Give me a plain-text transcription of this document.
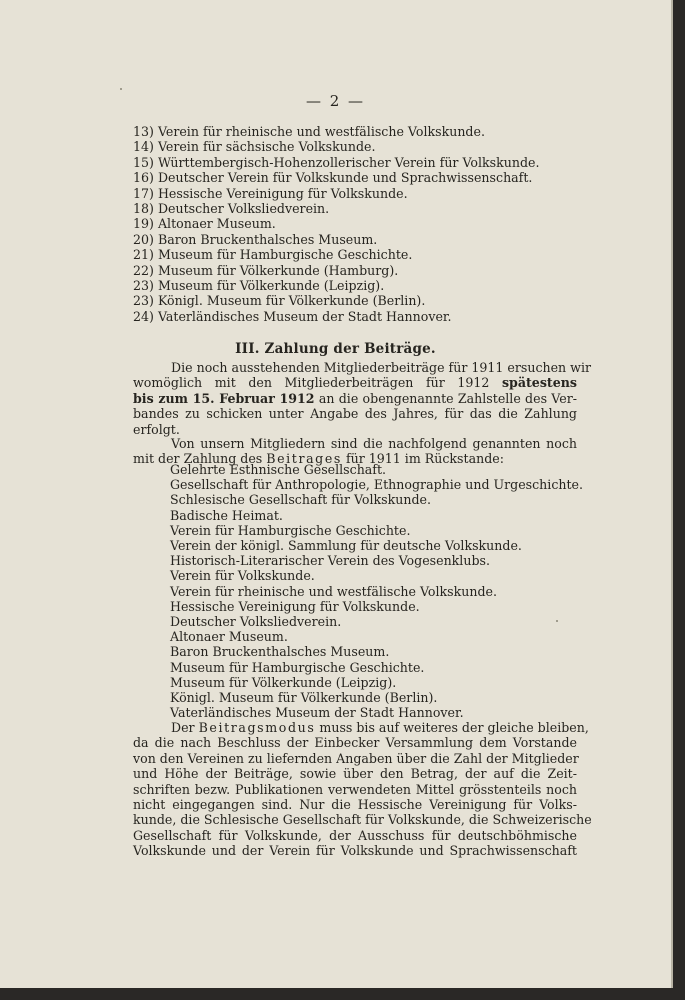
— 2 —
13) Verein für rheinische und westfälische Volkskunde.
14) Verein für sächsische Volkskunde.
15) Württembergisch-Hohenzollerischer Verein für Volkskunde.
16) Deutscher Verein für Volkskunde und Sprachwissenschaft.
17) Hessische Vereinigung für Volkskunde.
18) Deutscher Volksliedverein.
19) Altonaer Museum.
20) Baron Bruckenthalsches Museum.
21) Museum für Hamburgische Geschichte.
22) Museum für Völkerkunde (Hamburg).
23) Museum für Völkerkunde (Leipzig).
23) Königl. Museum für Völkerkunde (Berlin).
24) Vaterländisches Museum der Stadt Hannover.
III. Zahlung der Beiträge.
Die noch ausstehenden Mitgliederbeiträge für 1911 ersuchen wir
womöglich mit den Mitgliederbeiträgen für 1912 spätestens
bis zum 15. Februar 1912 an die obengenannte Zahlstelle des Ver-
bandes zu schicken unter Angabe des Jahres, für das die Zahlung
erfolgt.
Von unsern Mitgliedern sind die nachfolgend genannten noch
mit der Zahlung des Beitrages für 1911 im Rückstande:
Gelehrte Esthnische Gesellschaft.
Gesellschaft für Anthropologie, Ethnographie und Urgeschichte.
Schlesische Gesellschaft für Volkskunde.
Badische Heimat.
Verein für Hamburgische Geschichte.
Verein der königl. Sammlung für deutsche Volkskunde.
Historisch-Literarischer Verein des Vogesenklubs.
Verein für Volkskunde.
Verein für rheinische und westfälische Volkskunde.
Hessische Vereinigung für Volkskunde.
Deutscher Volksliedverein.
Altonaer Museum.
Baron Bruckenthalsches Museum.
Museum für Hamburgische Geschichte.
Museum für Völkerkunde (Leipzig).
Königl. Museum für Völkerkunde (Berlin).
Vaterländisches Museum der Stadt Hannover.
Der Beitragsmodus muss bis auf weiteres der gleiche bleiben,
da die nach Beschluss der Einbecker Versammlung dem Vorstande
von den Vereinen zu liefernden Angaben über die Zahl der Mitglieder
und Höhe der Beiträge, sowie über den Betrag, der auf die Zeit-
schriften bezw. Publikationen verwendeten Mittel grösstenteils noch
nicht eingegangen sind. Nur die Hessische Vereinigung für Volks-
kunde, die Schlesische Gesellschaft für Volkskunde, die Schweizerische
Gesellschaft für Volkskunde, der Ausschuss für deutschböhmische
Volkskunde und der Verein für Volkskunde und Sprachwissenschaft
